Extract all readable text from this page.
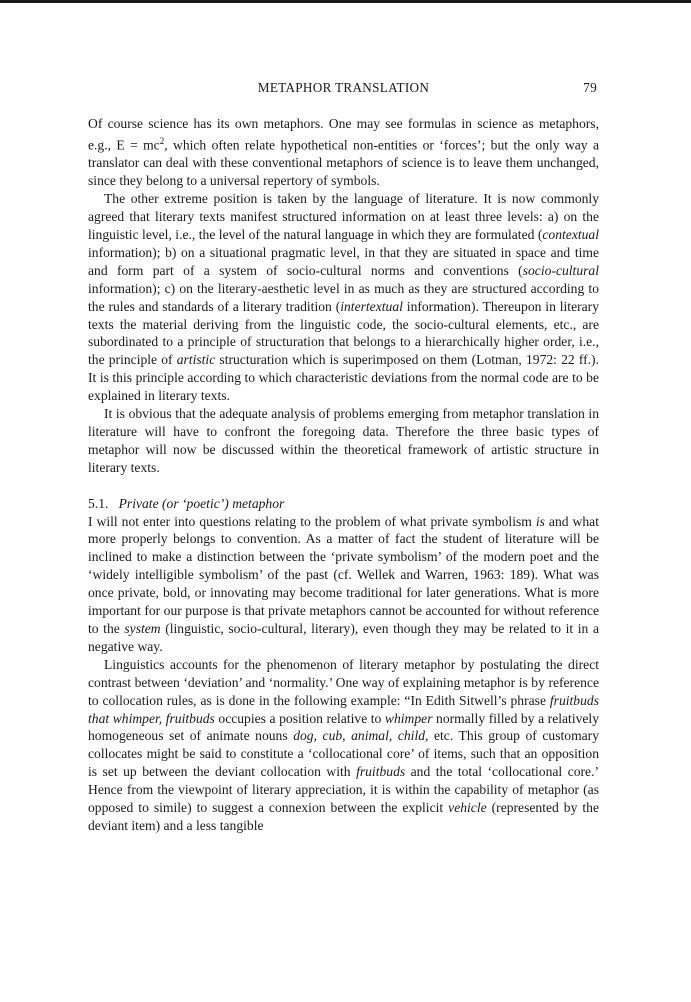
METAPHOR TRANSLATION	79

Of course science has its own metaphors. One may see formulas in science as metaphors, e.g., $E = mc^2$, which often relate hypothetical non-entities or ‘forces’; but the only way a translator can deal with these conventional metaphors of science is to leave them unchanged, since they belong to a universal repertory of symbols.

The other extreme position is taken by the language of literature. It is now commonly agreed that literary texts manifest structured information on at least three levels: a) on the linguistic level, i.e., the level of the natural language in which they are formulated (contextual information); b) on a situational pragmatic level, in that they are situated in space and time and form part of a system of socio-cultural norms and conventions (socio-cultural information); c) on the literary-aesthetic level in as much as they are structured according to the rules and standards of a literary tradition (intertextual information). Thereupon in literary texts the material deriving from the linguistic code, the socio-cultural elements, etc., are subordinated to a principle of structuration that belongs to a hierarchically higher order, i.e., the principle of artistic structuration which is superimposed on them (Lotman, 1972: 22 ff.). It is this principle according to which characteristic deviations from the normal code are to be explained in literary texts.

It is obvious that the adequate analysis of problems emerging from metaphor translation in literature will have to confront the foregoing data. Therefore the three basic types of metaphor will now be discussed within the theoretical framework of artistic structure in literary texts.

5.1. Private (or ‘poetic’) metaphor

I will not enter into questions relating to the problem of what private symbolism is and what more properly belongs to convention. As a matter of fact the student of literature will be inclined to make a distinction between the ‘private symbolism’ of the modern poet and the ‘widely intelligible symbolism’ of the past (cf. Wellek and Warren, 1963: 189). What was once private, bold, or innovating may become traditional for later generations. What is more important for our purpose is that private metaphors cannot be accounted for without reference to the system (linguistic, socio-cultural, literary), even though they may be related to it in a negative way.

Linguistics accounts for the phenomenon of literary metaphor by postulating the direct contrast between ‘deviation’ and ‘normality.’ One way of explaining metaphor is by reference to collocation rules, as is done in the following example: “In Edith Sitwell’s phrase fruitbuds that whimper, fruitbuds occupies a position relative to whimper normally filled by a relatively homogeneous set of animate nouns dog, cub, animal, child, etc. This group of customary collocates might be said to constitute a ‘collocational core’ of items, such that an opposition is set up between the deviant collocation with fruitbuds and the total ‘collocational core.’ Hence from the viewpoint of literary appreciation, it is within the capability of metaphor (as opposed to simile) to suggest a connexion between the explicit vehicle (represented by the deviant item) and a less tangible
